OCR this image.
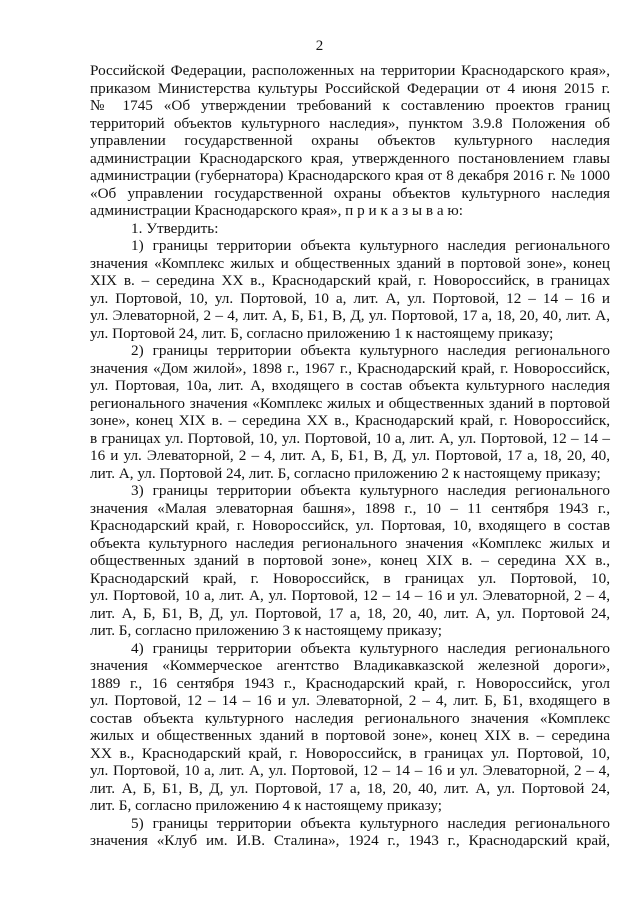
2
Российской Федерации, расположенных на территории Краснодарского края»,
приказом Министерства культуры Российской Федерации от 4 июня 2015 г.
№ 1745 «Об утверждении требований к составлению проектов границ
территорий объектов культурного наследия», пунктом 3.9.8 Положения об
управлении государственной охраны объектов культурного наследия
администрации Краснодарского края, утвержденного постановлением главы
администрации (губернатора) Краснодарского края от 8 декабря 2016 г. № 1000
«Об управлении государственной охраны объектов культурного наследия
администрации Краснодарского края», п р и к а з ы в а ю:
1. Утвердить:
1) границы территории объекта культурного наследия регионального
значения «Комплекс жилых и общественных зданий в портовой зоне», конец
XIX в. – середина XX в., Краснодарский край, г. Новороссийск, в границах
ул. Портовой, 10, ул. Портовой, 10 а, лит. А, ул. Портовой, 12 – 14 – 16 и
ул. Элеваторной, 2 – 4, лит. А, Б, Б1, В, Д, ул. Портовой, 17 а, 18, 20, 40, лит. А,
ул. Портовой 24, лит. Б, согласно приложению 1 к настоящему приказу;
2) границы территории объекта культурного наследия регионального
значения «Дом жилой», 1898 г., 1967 г., Краснодарский край, г. Новороссийск,
ул. Портовая, 10а, лит. А, входящего в состав объекта культурного наследия
регионального значения «Комплекс жилых и общественных зданий в портовой
зоне», конец XIX в. – середина XX в., Краснодарский край, г. Новороссийск,
в границах ул. Портовой, 10, ул. Портовой, 10 а, лит. А, ул. Портовой, 12 – 14 –
16 и ул. Элеваторной, 2 – 4, лит. А, Б, Б1, В, Д, ул. Портовой, 17 а, 18, 20, 40,
лит. А, ул. Портовой 24, лит. Б, согласно приложению 2 к настоящему приказу;
3) границы территории объекта культурного наследия регионального
значения «Малая элеваторная башня», 1898 г., 10 – 11 сентября 1943 г.,
Краснодарский край, г. Новороссийск, ул. Портовая, 10, входящего в состав
объекта культурного наследия регионального значения «Комплекс жилых и
общественных зданий в портовой зоне», конец XIX в. – середина XX в.,
Краснодарский край, г. Новороссийск, в границах ул. Портовой, 10,
ул. Портовой, 10 а, лит. А, ул. Портовой, 12 – 14 – 16 и ул. Элеваторной, 2 – 4,
лит. А, Б, Б1, В, Д, ул. Портовой, 17 а, 18, 20, 40, лит. А, ул. Портовой 24,
лит. Б, согласно приложению 3 к настоящему приказу;
4) границы территории объекта культурного наследия регионального
значения «Коммерческое агентство Владикавказской железной дороги»,
1889 г., 16 сентября 1943 г., Краснодарский край, г. Новороссийск, угол
ул. Портовой, 12 – 14 – 16 и ул. Элеваторной, 2 – 4, лит. Б, Б1, входящего в
состав объекта культурного наследия регионального значения «Комплекс
жилых и общественных зданий в портовой зоне», конец XIX в. – середина
XX в., Краснодарский край, г. Новороссийск, в границах ул. Портовой, 10,
ул. Портовой, 10 а, лит. А, ул. Портовой, 12 – 14 – 16 и ул. Элеваторной, 2 – 4,
лит. А, Б, Б1, В, Д, ул. Портовой, 17 а, 18, 20, 40, лит. А, ул. Портовой 24,
лит. Б, согласно приложению 4 к настоящему приказу;
5) границы территории объекта культурного наследия регионального
значения «Клуб им. И.В. Сталина», 1924 г., 1943 г., Краснодарский край,
